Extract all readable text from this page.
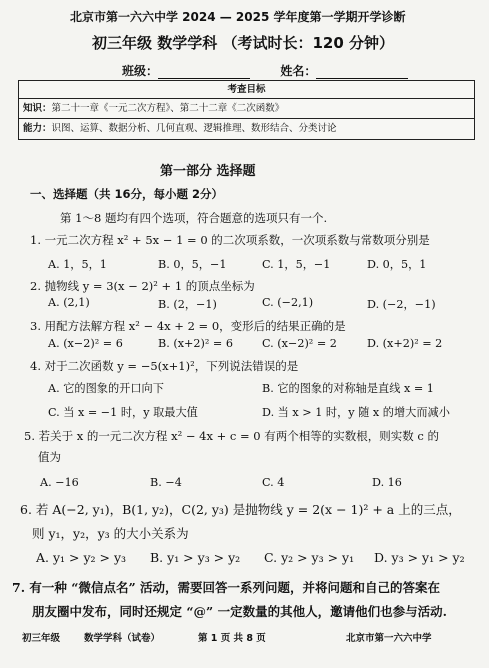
北京市第一六六中学 2024 — 2025 学年度第一学期开学诊断
初三年级 数学学科 （考试时长：120 分钟）
班级：	姓名：
考查目标
知识：第二十一章《一元二次方程》、第二十二章《二次函数》
能力：识图、运算、数据分析、几何直观、逻辑推理、数形结合、分类讨论
第一部分 选择题
一、选择题（共 16分，每小题 2分）
第 1～8 题均有四个选项，符合题意的选项只有一个.
1. 一元二次方程 x² + 5x − 1 = 0 的二次项系数，一次项系数与常数项分别是
A. 1，5，1	B. 0，5，−1	C. 1，5，−1	D. 0，5，1
2. 抛物线 y = 3(x − 2)² + 1 的顶点坐标为
A. (2,1)	B. (2，−1)	C. (−2,1)	D. (−2，−1)
3. 用配方法解方程 x² − 4x + 2 = 0，变形后的结果正确的是
A. (x−2)² = 6	B. (x+2)² = 6	C. (x−2)² = 2	D. (x+2)² = 2
4. 对于二次函数 y = −5(x+1)²，下列说法错误的是
A. 它的图象的开口向下	B. 它的图象的对称轴是直线 x = 1
C. 当 x = −1 时，y 取最大值	D. 当 x > 1 时，y 随 x 的增大而减小
5. 若关于 x 的一元二次方程 x² − 4x + c = 0 有两个相等的实数根，则实数 c 的
值为
A. −16	B. −4	C. 4	D. 16
6. 若 A(−2, y₁)，B(1, y₂)，C(2, y₃) 是抛物线 y = 2(x − 1)² + a 上的三点，
则 y₁，y₂，y₃ 的大小关系为
A. y₁ > y₂ > y₃ B. y₁ > y₃ > y₂ C. y₂ > y₃ > y₁ D. y₃ > y₁ > y₂
7. 有一种 “微信点名” 活动，需要回答一系列问题，并将问题和自己的答案在
朋友圈中发布，同时还规定 “@” 一定数量的其他人，邀请他们也参与活动.
初三年级	数学学科（试卷）	第 1 页 共 8 页	北京市第一六六中学
